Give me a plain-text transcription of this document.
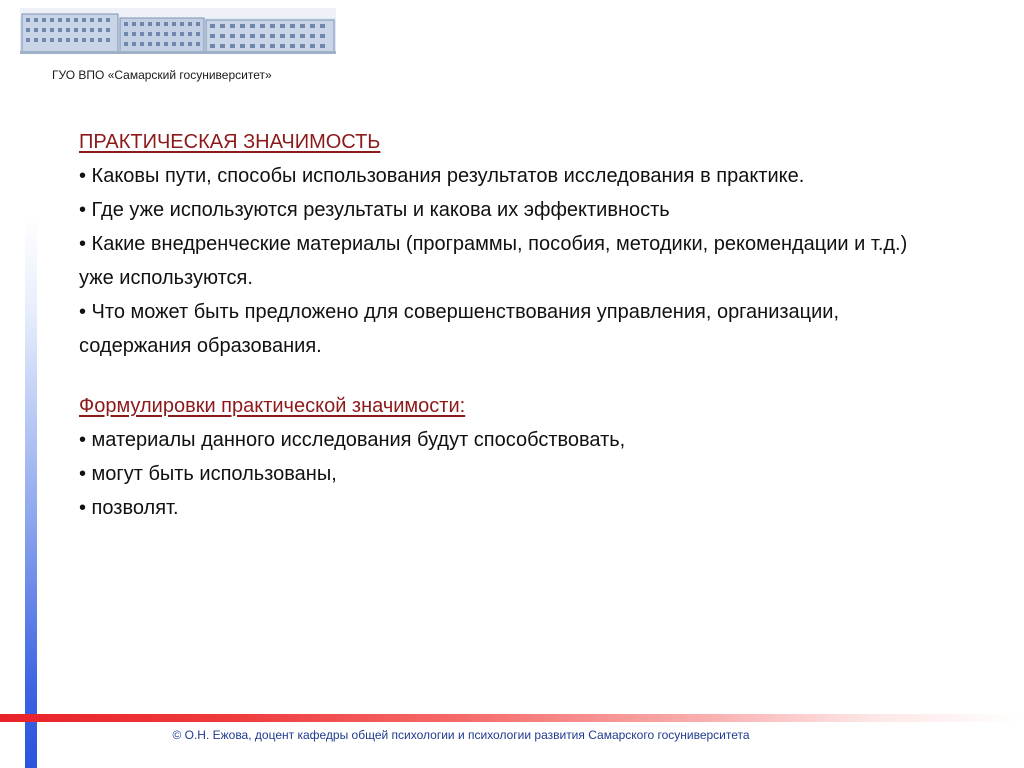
ГУО ВПО «Самарский госуниверситет»
ПРАКТИЧЕСКАЯ ЗНАЧИМОСТЬ

• Каковы пути, способы использования результатов исследования в практике.

• Где уже используются результаты и какова их эффективность

• Какие внедренческие материалы (программы, пособия, методики, рекомендации и т.д.) уже используются.

• Что может быть предложено для совершенствования управления, организации, содержания образования.

Формулировки практической значимости:

• материалы данного исследования будут способствовать,

• могут быть использованы,

• позволят.

© О.Н. Ежова, доцент кафедры общей психологии и психологии развития Самарского госуниверситета
